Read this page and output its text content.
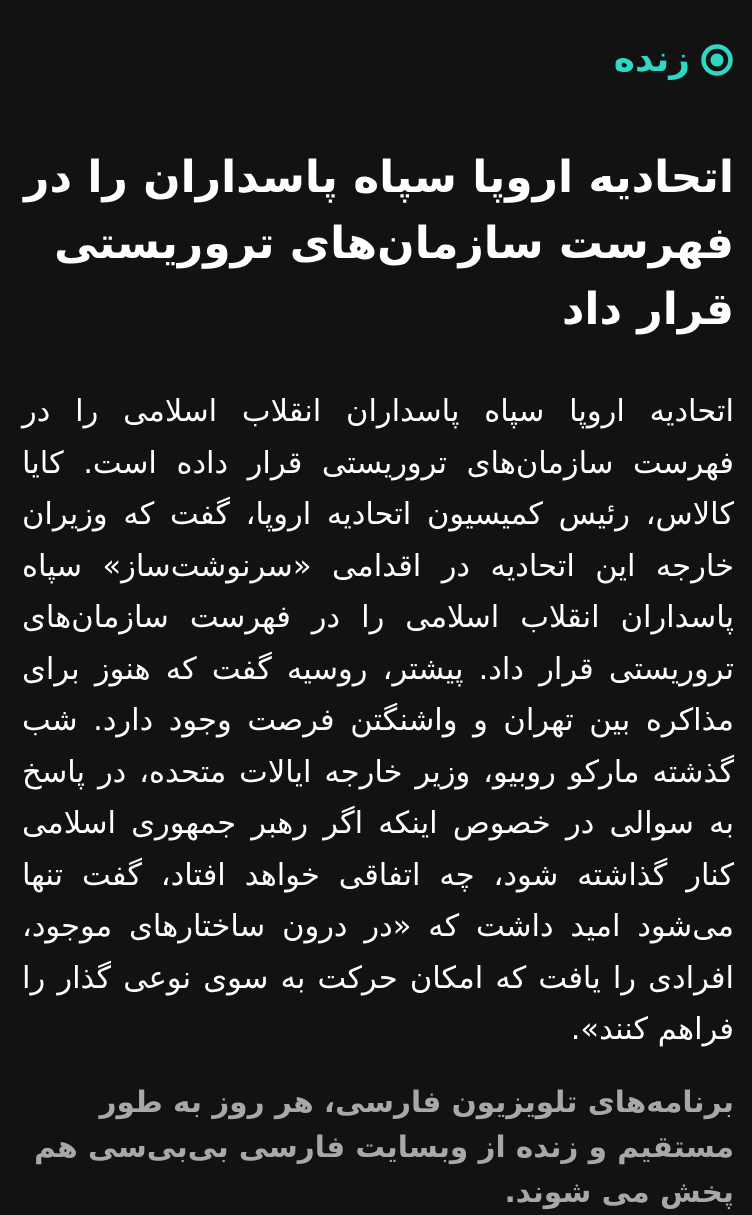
زنده
اتحادیه اروپا سپاه پاسداران را در فهرست سازمان‌های تروریستی قرار داد

اتحادیه اروپا سپاه پاسداران انقلاب اسلامی را در فهرست سازمان‌های تروریستی قرار داده است. کایا کالاس، رئیس کمیسیون اتحادیه اروپا، گفت که وزیران خارجه این اتحادیه در اقدامی «سرنوشت‌ساز» سپاه پاسداران انقلاب اسلامی را در فهرست سازمان‌های تروریستی قرار داد. پیشتر، روسیه گفت که هنوز برای مذاکره بین تهران و واشنگتن فرصت وجود دارد. شب گذشته مارکو روبیو، وزیر خارجه ایالات متحده، در پاسخ به سوالی در خصوص اینکه اگر رهبر جمهوری اسلامی کنار گذاشته شود، چه اتفاقی خواهد افتاد، گفت تنها می‌شود امید داشت که «در درون ساختارهای موجود، افرادی را یافت که امکان حرکت به سوی نوعی گذار را فراهم کنند».

برنامه‌های تلویزیون فارسی، هر روز به طور مستقیم و زنده از وبسایت فارسی بی‌بی‌سی هم پخش می شوند.
